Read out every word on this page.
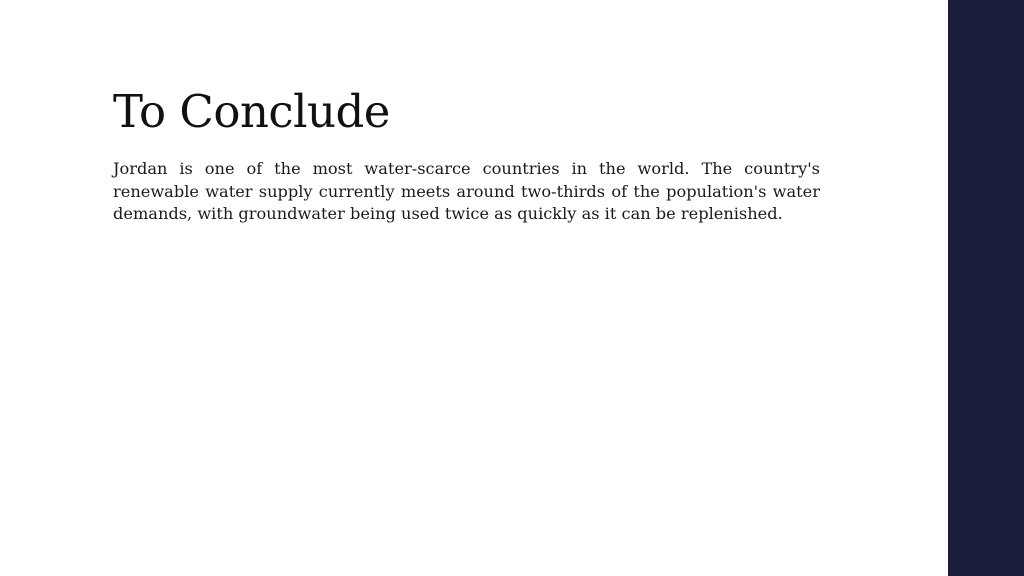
To Conclude

Jordan is one of the most water-scarce countries in the world. The country's renewable water supply currently meets around two-thirds of the population's water demands, with groundwater being used twice as quickly as it can be replenished.
